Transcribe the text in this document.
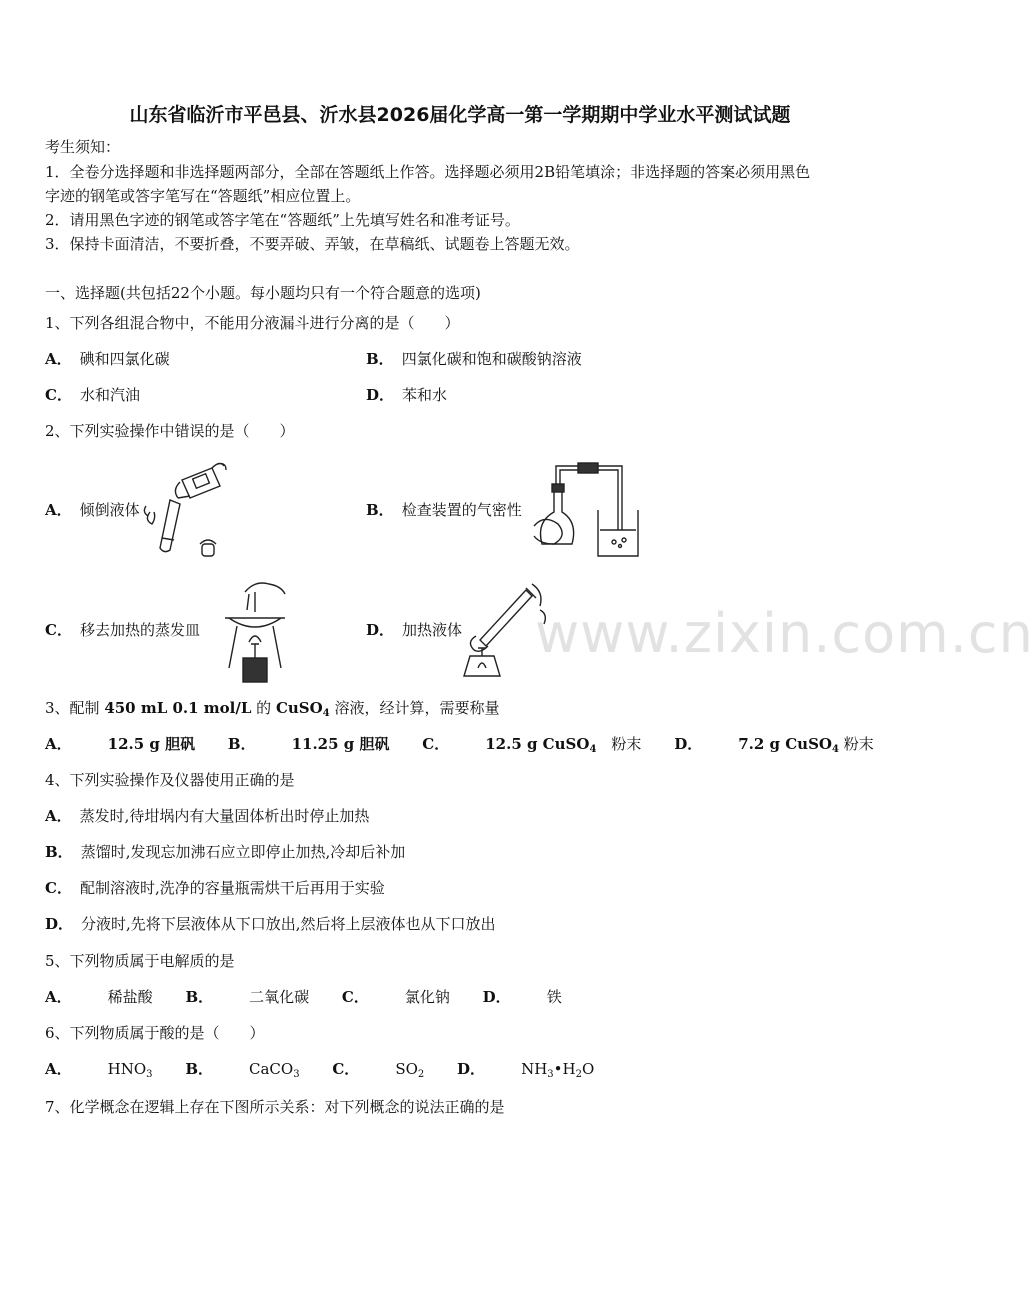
山东省临沂市平邑县、沂水县2026届化学高一第一学期期中学业水平测试试题
考生须知：
1．全卷分选择题和非选择题两部分，全部在答题纸上作答。选择题必须用2B铅笔填涂；非选择题的答案必须用黑色
字迹的钢笔或答字笔写在“答题纸”相应位置上。
2．请用黑色字迹的钢笔或答字笔在“答题纸”上先填写姓名和准考证号。
3．保持卡面清洁，不要折叠，不要弄破、弄皱，在草稿纸、试题卷上答题无效。
一、选择题(共包括22个小题。每小题均只有一个符合题意的选项)
1、下列各组混合物中，不能用分液漏斗进行分离的是（　　）
A． 碘和四氯化碳	B． 四氯化碳和饱和碳酸钠溶液
C． 水和汽油	D． 苯和水
2、下列实验操作中错误的是（　　）
A． 倾倒液体	B． 检查装置的气密性
C． 移去加热的蒸发皿	D． 加热液体 www.zixin.com.cn
3、配制 450 mL 0.1 mol/L 的 CuSO$_4$ 溶液，经计算，需要称量
A． 12.5 g 胆矾 B． 11.25 g 胆矾 C． 12.5 g CuSO$_4$　粉末 D． 7.2 g CuSO$_4$ 粉末
4、下列实验操作及仪器使用正确的是
A． 蒸发时,待坩埚内有大量固体析出时停止加热
B． 蒸馏时,发现忘加沸石应立即停止加热,冷却后补加
C． 配制溶液时,洗净的容量瓶需烘干后再用于实验
D． 分液时,先将下层液体从下口放出,然后将上层液体也从下口放出
5、下列物质属于电解质的是
A． 稀盐酸 B． 二氧化碳 C． 氯化钠 D． 铁
6、下列物质属于酸的是（　　）
A． $HNO_3$ B． CaCO$_3$ C． $SO_2$ D． $NH_3•H_2O$
7、化学概念在逻辑上存在下图所示关系：对下列概念的说法正确的是
